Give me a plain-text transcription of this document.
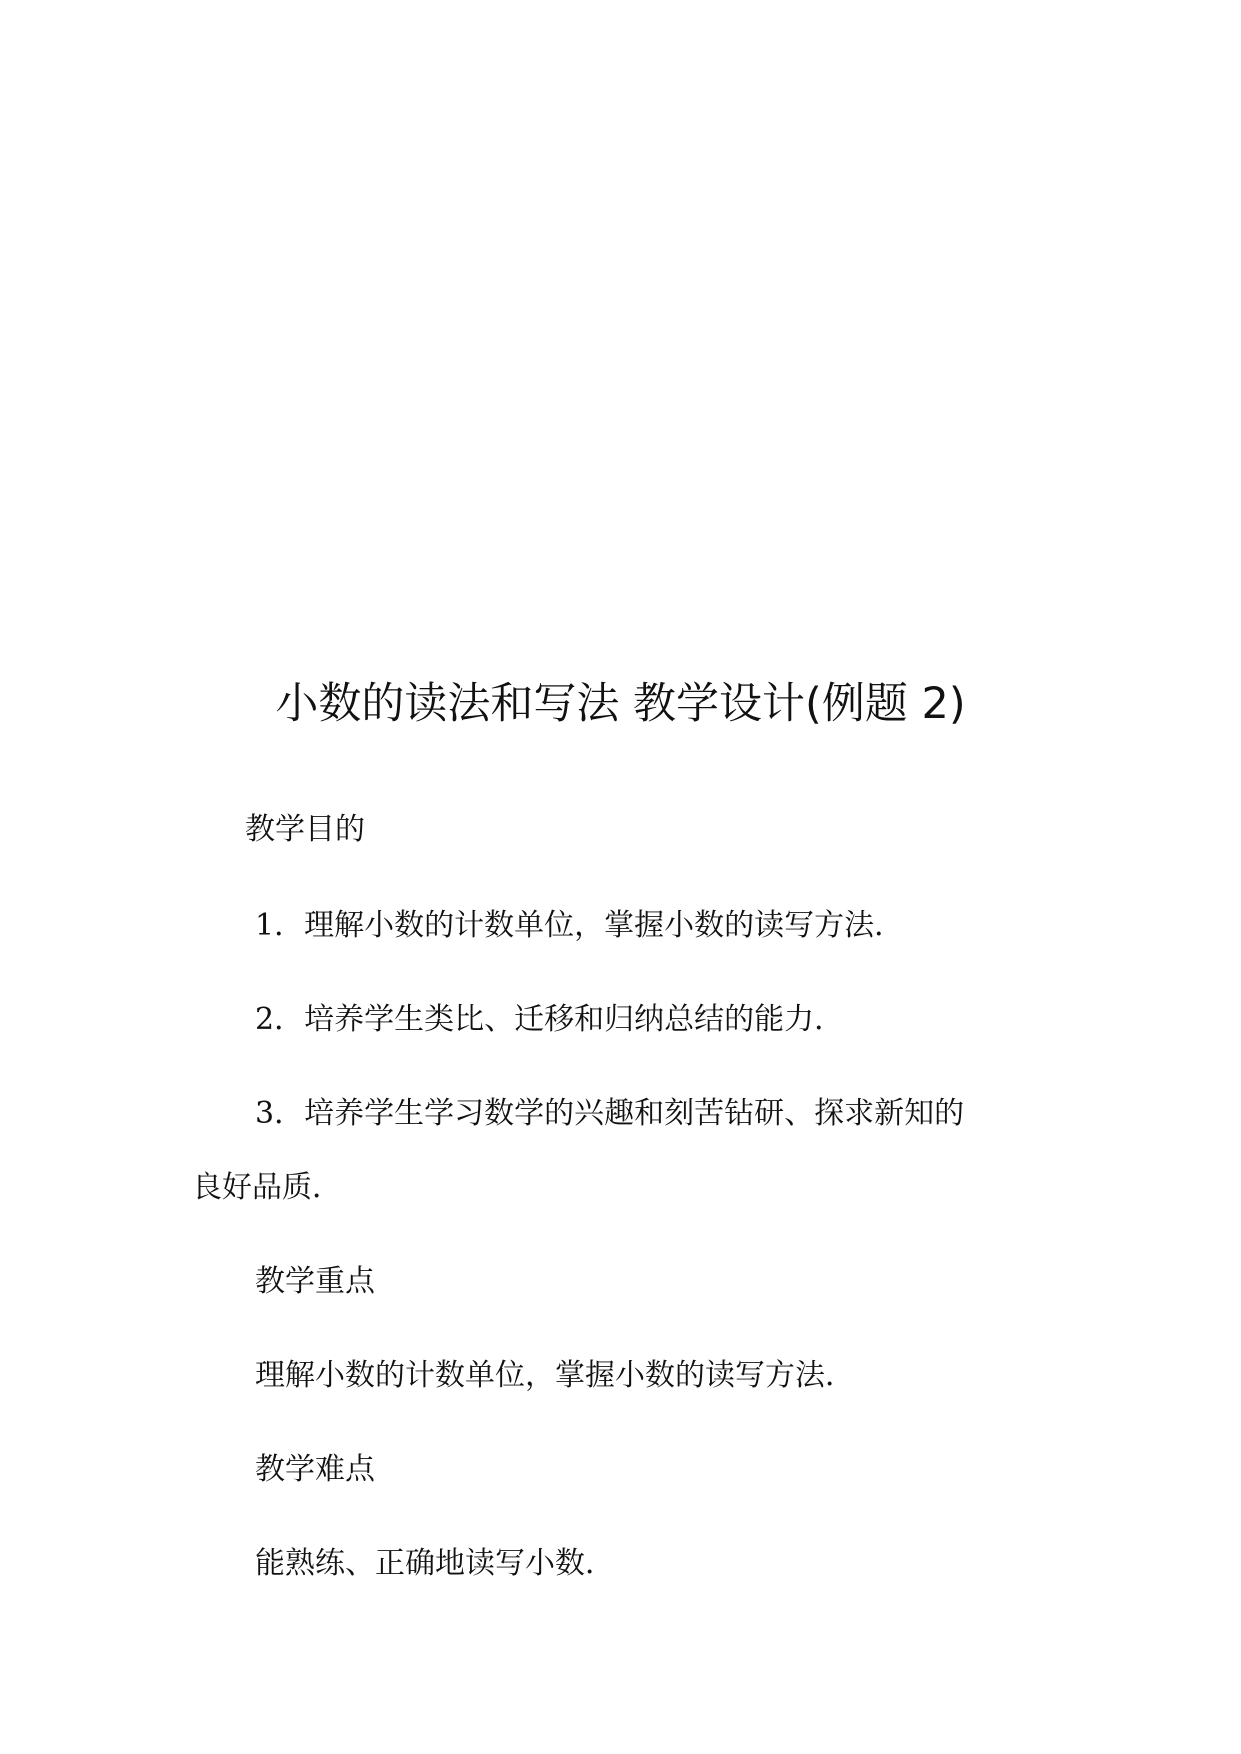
小数的读法和写法 教学设计(例题 2)
教学目的
1．理解小数的计数单位，掌握小数的读写方法．
2．培养学生类比、迁移和归纳总结的能力．
3．培养学生学习数学的兴趣和刻苦钻研、探求新知的
良好品质．
教学重点
理解小数的计数单位，掌握小数的读写方法．
教学难点
能熟练、正确地读写小数．
